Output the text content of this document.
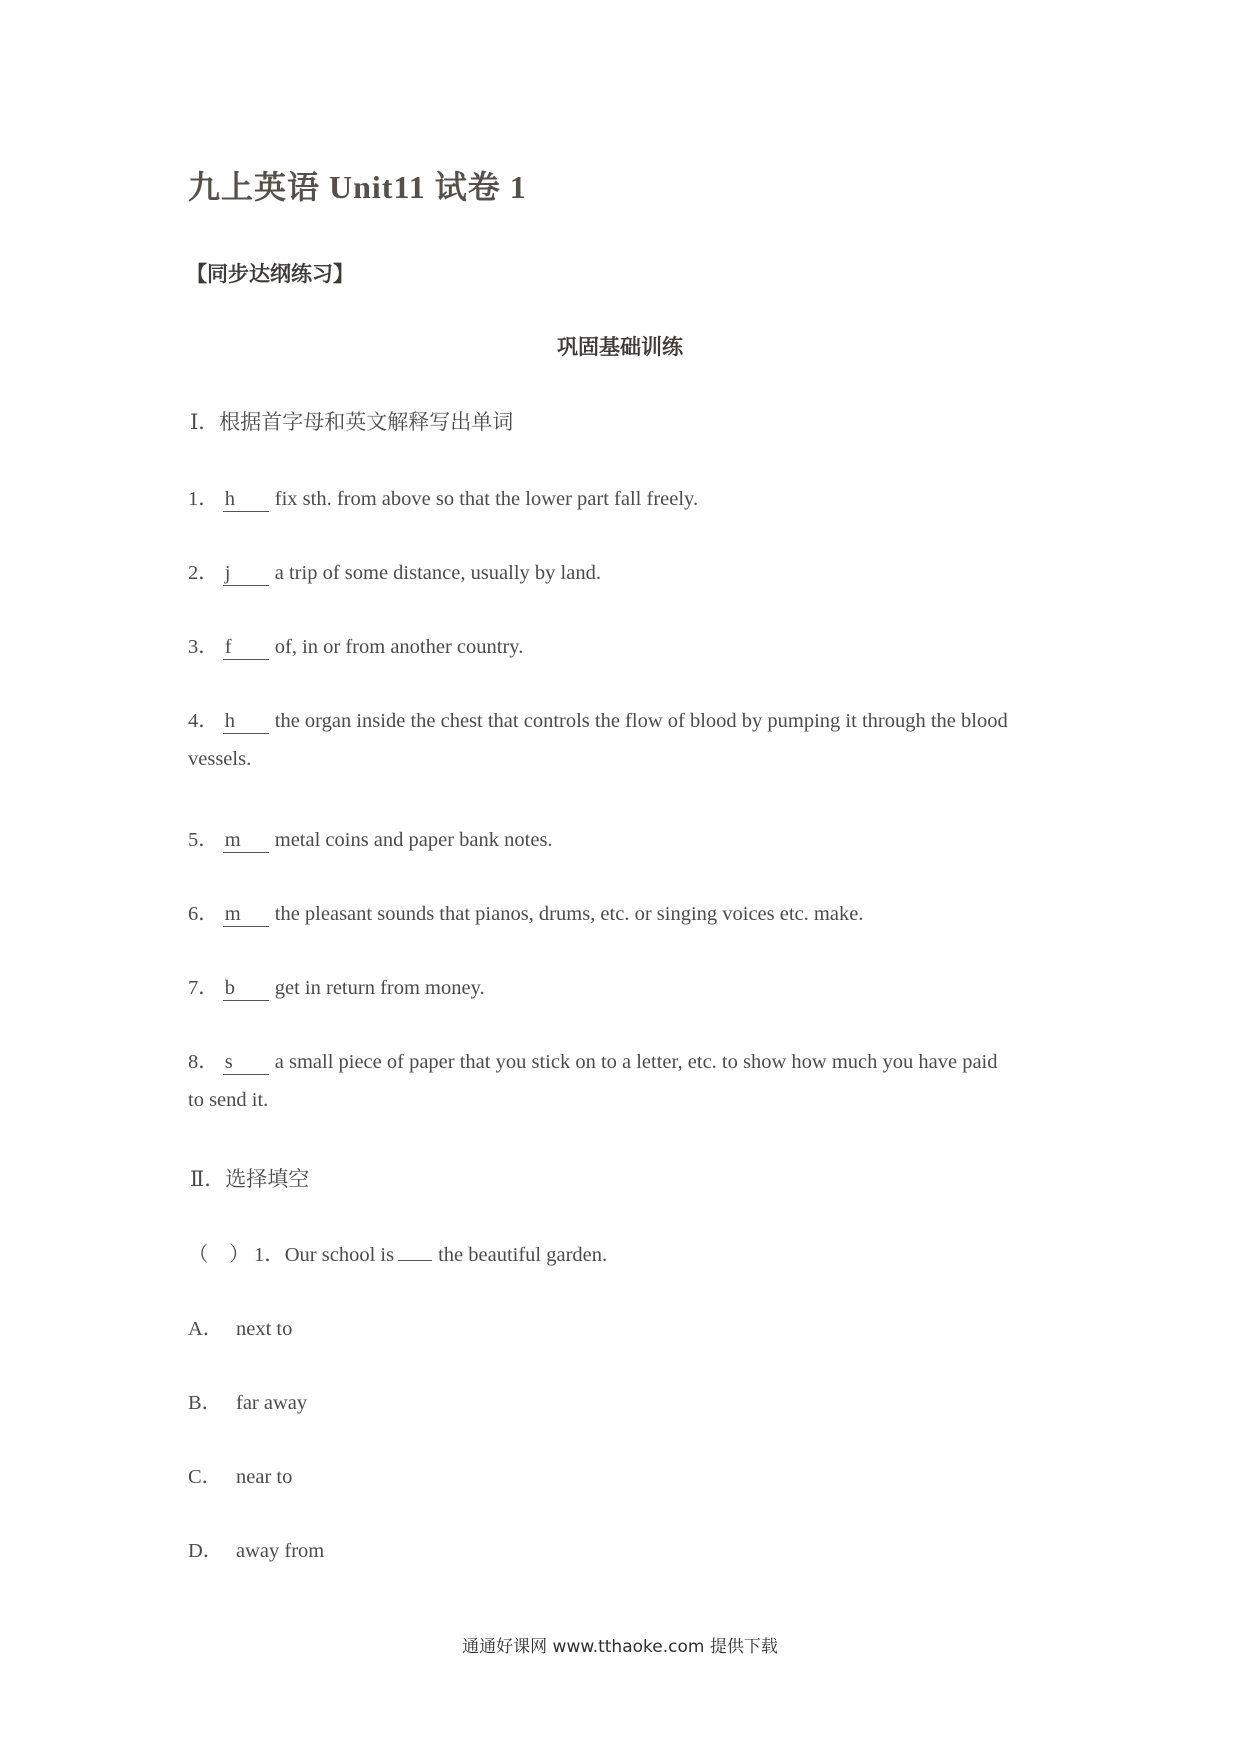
九上英语 Unit11 试卷 1
【同步达纲练习】
巩固基础训练
Ⅰ．根据首字母和英文解释写出单词
1． h fix sth. from above so that the lower part fall freely.
2． j a trip of some distance, usually by land.
3． f of, in or from another country.
4． h the organ inside the chest that controls the flow of blood by pumping it through the blood
vessels.
5． m metal coins and paper bank notes.
6． m the pleasant sounds that pianos, drums, etc. or singing voices etc. make.
7． b get in return from money.
8． s a small piece of paper that you stick on to a letter, etc. to show how much you have paid
to send it.
Ⅱ．选择填空
（　） 1．Our school is the beautiful garden.
A． next to
B． far away
C． near to
D． away from
通通好课网 www.tthaoke.com 提供下载
